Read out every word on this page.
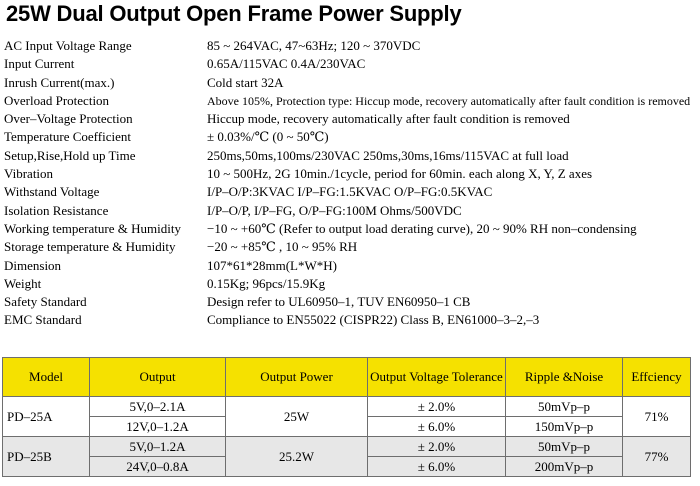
25W Dual Output Open Frame Power Supply
AC Input Voltage Range	85 ~ 264VAC, 47~63Hz; 120 ~ 370VDC
Input Current	0.65A/115VAC 0.4A/230VAC
Inrush Current(max.)	Cold start 32A
Overload Protection	Above 105%, Protection type: Hiccup mode, recovery automatically after fault condition is removed
Over–Voltage Protection	Hiccup mode, recovery automatically after fault condition is removed
Temperature Coefficient	± 0.03%/℃ (0 ~ 50℃)
Setup,Rise,Hold up Time	250ms,50ms,100ms/230VAC 250ms,30ms,16ms/115VAC at full load
Vibration	10 ~ 500Hz, 2G 10min./1cycle, period for 60min. each along X, Y, Z axes
Withstand Voltage	I/P–O/P:3KVAC I/P–FG:1.5KVAC O/P–FG:0.5KVAC
Isolation Resistance	I/P–O/P, I/P–FG, O/P–FG:100M Ohms/500VDC
Working temperature & Humidity −10 ~ +60℃ (Refer to output load derating curve), 20 ~ 90% RH non–condensing
Storage temperature & Humidity −20 ~ +85℃ , 10 ~ 95% RH
Dimension	107*61*28mm(L*W*H)
Weight	0.15Kg; 96pcs/15.9Kg
Safety Standard	Design refer to UL60950–1, TUV EN60950–1 CB
EMC Standard	Compliance to EN55022 (CISPR22) Class B, EN61000–3–2,–3
Model	Output	Output Power	Output Voltage Tolerance	Ripple &Noise	Effciency
PD–25A	5V,0–2.1A	25W	± 2.0%	50mVp–p	71%
	12V,0–1.2A		± 6.0%	150mVp–p	
PD–25B	5V,0–1.2A	25.2W	± 2.0%	50mVp–p	77%
	24V,0–0.8A		± 6.0%	200mVp–p	
